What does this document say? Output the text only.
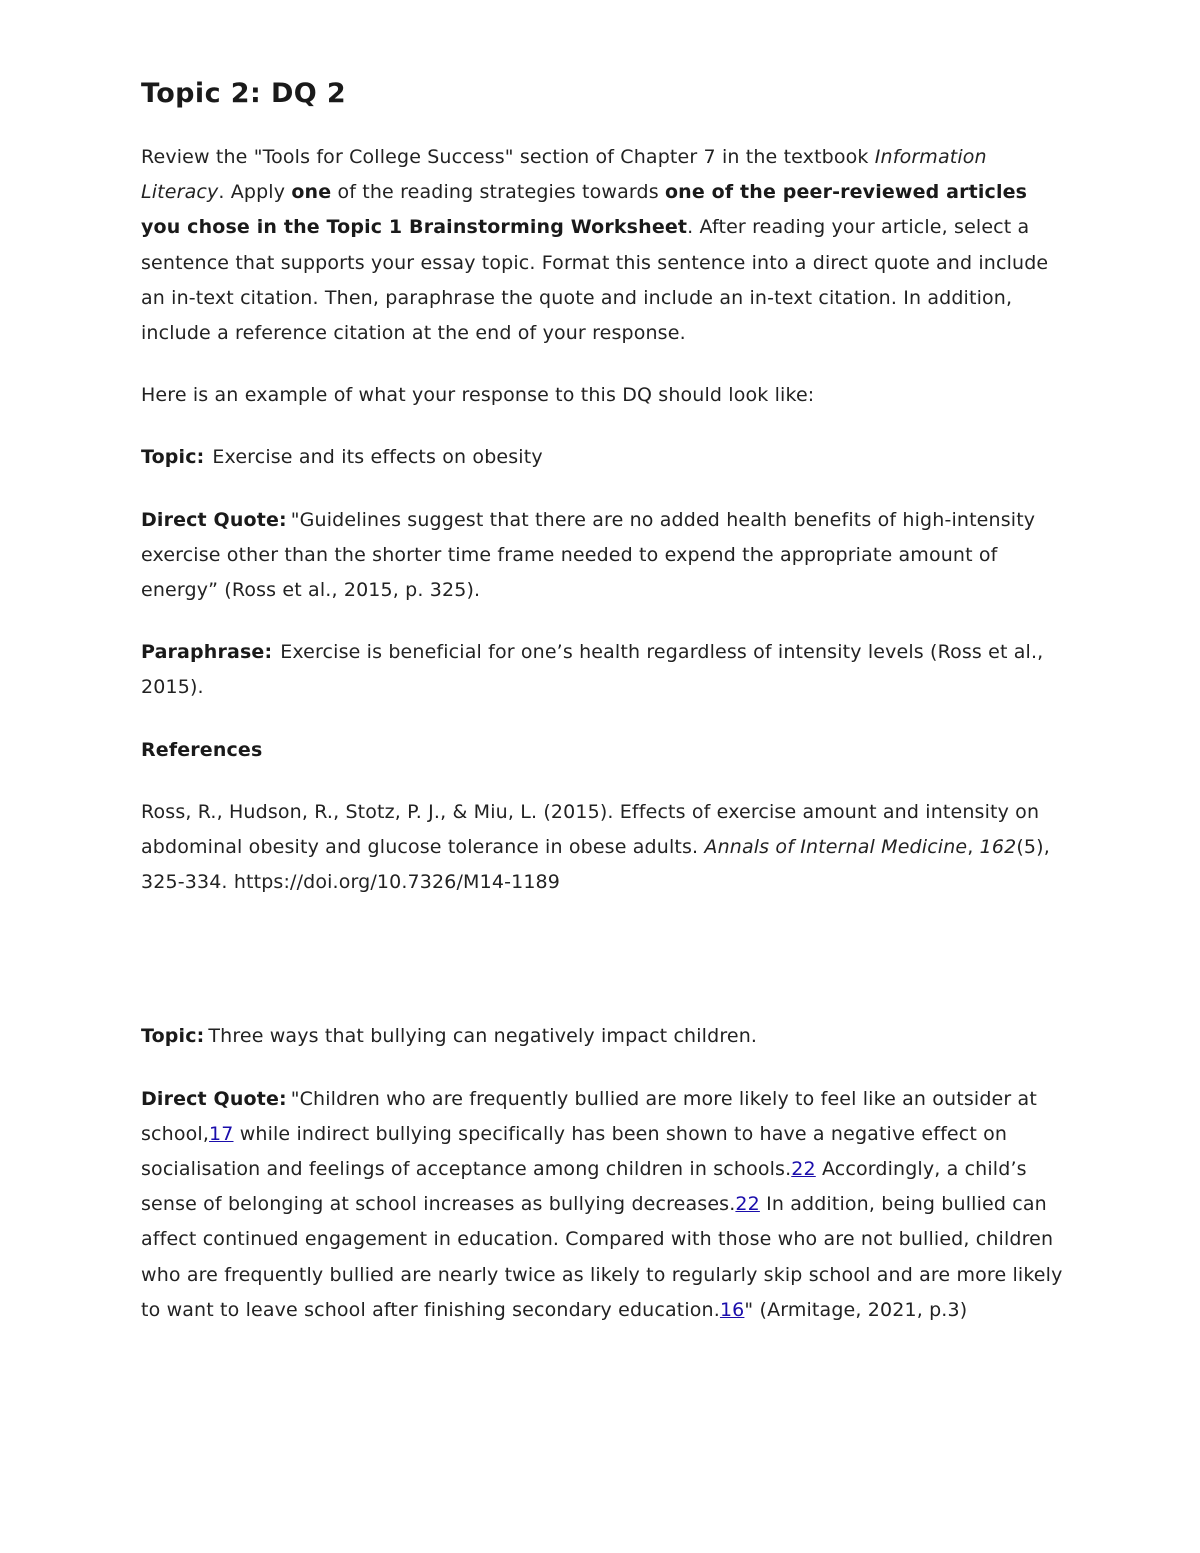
Topic 2: DQ 2

Review the "Tools for College Success" section of Chapter 7 in the textbook Information Literacy. Apply one of the reading strategies towards one of the peer-reviewed articles you chose in the Topic 1 Brainstorming Worksheet. After reading your article, select a sentence that supports your essay topic. Format this sentence into a direct quote and include an in-text citation. Then, paraphrase the quote and include an in-text citation. In addition, include a reference citation at the end of your response.

Here is an example of what your response to this DQ should look like:

Topic: Exercise and its effects on obesity

Direct Quote: "Guidelines suggest that there are no added health benefits of high-intensity exercise other than the shorter time frame needed to expend the appropriate amount of energy” (Ross et al., 2015, p. 325).

Paraphrase: Exercise is beneficial for one’s health regardless of intensity levels (Ross et al., 2015).

References

Ross, R., Hudson, R., Stotz, P. J., & Miu, L. (2015). Effects of exercise amount and intensity on abdominal obesity and glucose tolerance in obese adults. Annals of Internal Medicine, 162(5), 325-334. https://doi.org/10.7326/M14-1189

Topic: Three ways that bullying can negatively impact children.

Direct Quote: "Children who are frequently bullied are more likely to feel like an outsider at school,17 while indirect bullying specifically has been shown to have a negative effect on socialisation and feelings of acceptance among children in schools.22 Accordingly, a child’s sense of belonging at school increases as bullying decreases.22 In addition, being bullied can affect continued engagement in education. Compared with those who are not bullied, children who are frequently bullied are nearly twice as likely to regularly skip school and are more likely to want to leave school after finishing secondary education.16" (Armitage, 2021, p.3)
